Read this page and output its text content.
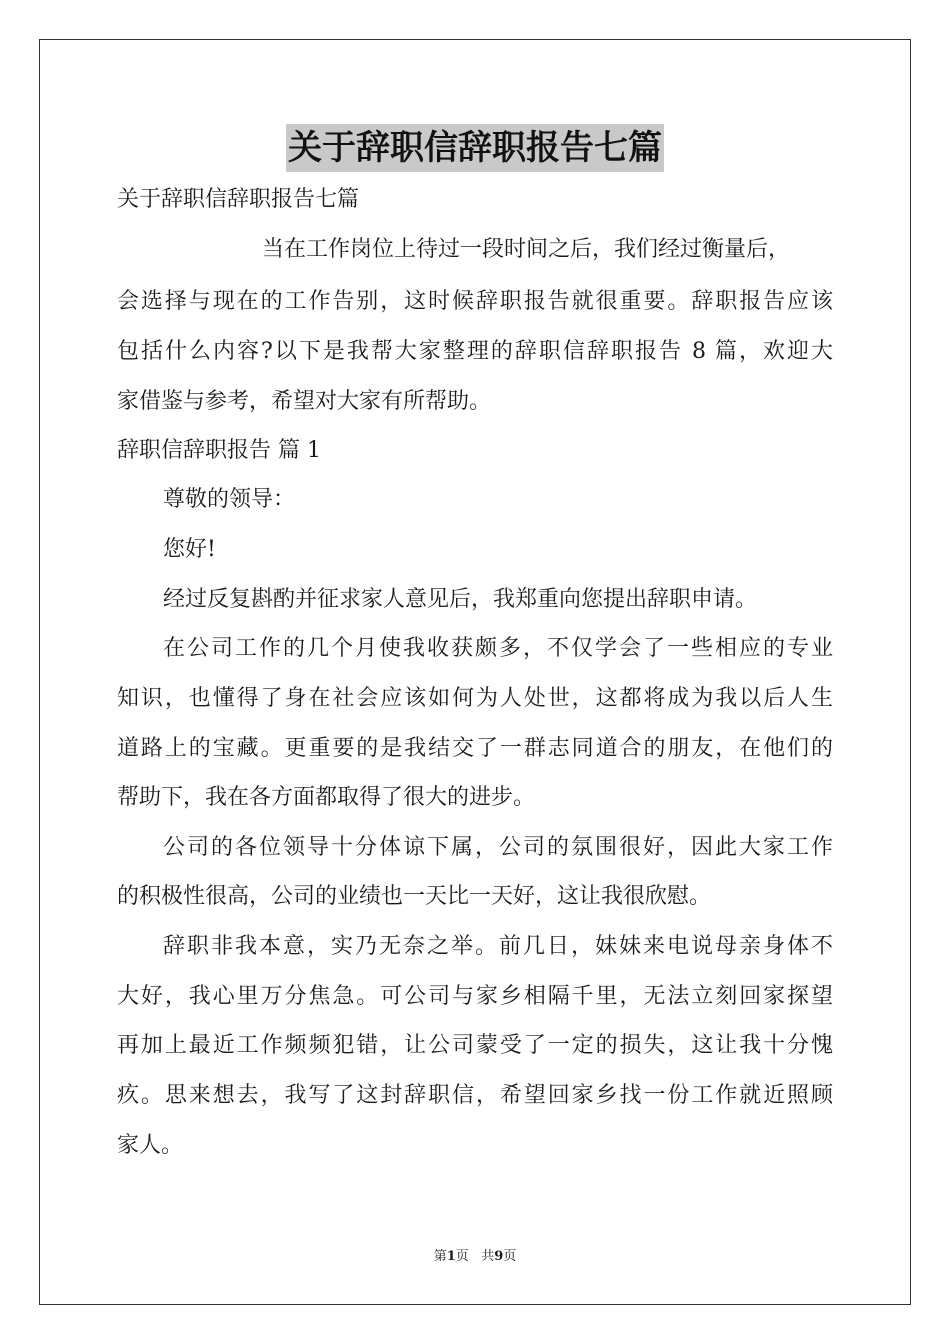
关于辞职信辞职报告七篇
关于辞职信辞职报告七篇
当在工作岗位上待过一段时间之后，我们经过衡量后，
会选择与现在的工作告别，这时候辞职报告就很重要。辞职报告应该
包括什么内容?以下是我帮大家整理的辞职信辞职报告 8 篇，欢迎大
家借鉴与参考，希望对大家有所帮助。
辞职信辞职报告 篇 1
尊敬的领导：
您好!
经过反复斟酌并征求家人意见后，我郑重向您提出辞职申请。
在公司工作的几个月使我收获颇多，不仅学会了一些相应的专业
知识，也懂得了身在社会应该如何为人处世，这都将成为我以后人生
道路上的宝藏。更重要的是我结交了一群志同道合的朋友，在他们的
帮助下，我在各方面都取得了很大的进步。
公司的各位领导十分体谅下属，公司的氛围很好，因此大家工作
的积极性很高，公司的业绩也一天比一天好，这让我很欣慰。
辞职非我本意，实乃无奈之举。前几日，妹妹来电说母亲身体不
大好，我心里万分焦急。可公司与家乡相隔千里，无法立刻回家探望
再加上最近工作频频犯错，让公司蒙受了一定的损失，这让我十分愧
疚。思来想去，我写了这封辞职信，希望回家乡找一份工作就近照顾
家人。
第1页 共9页
